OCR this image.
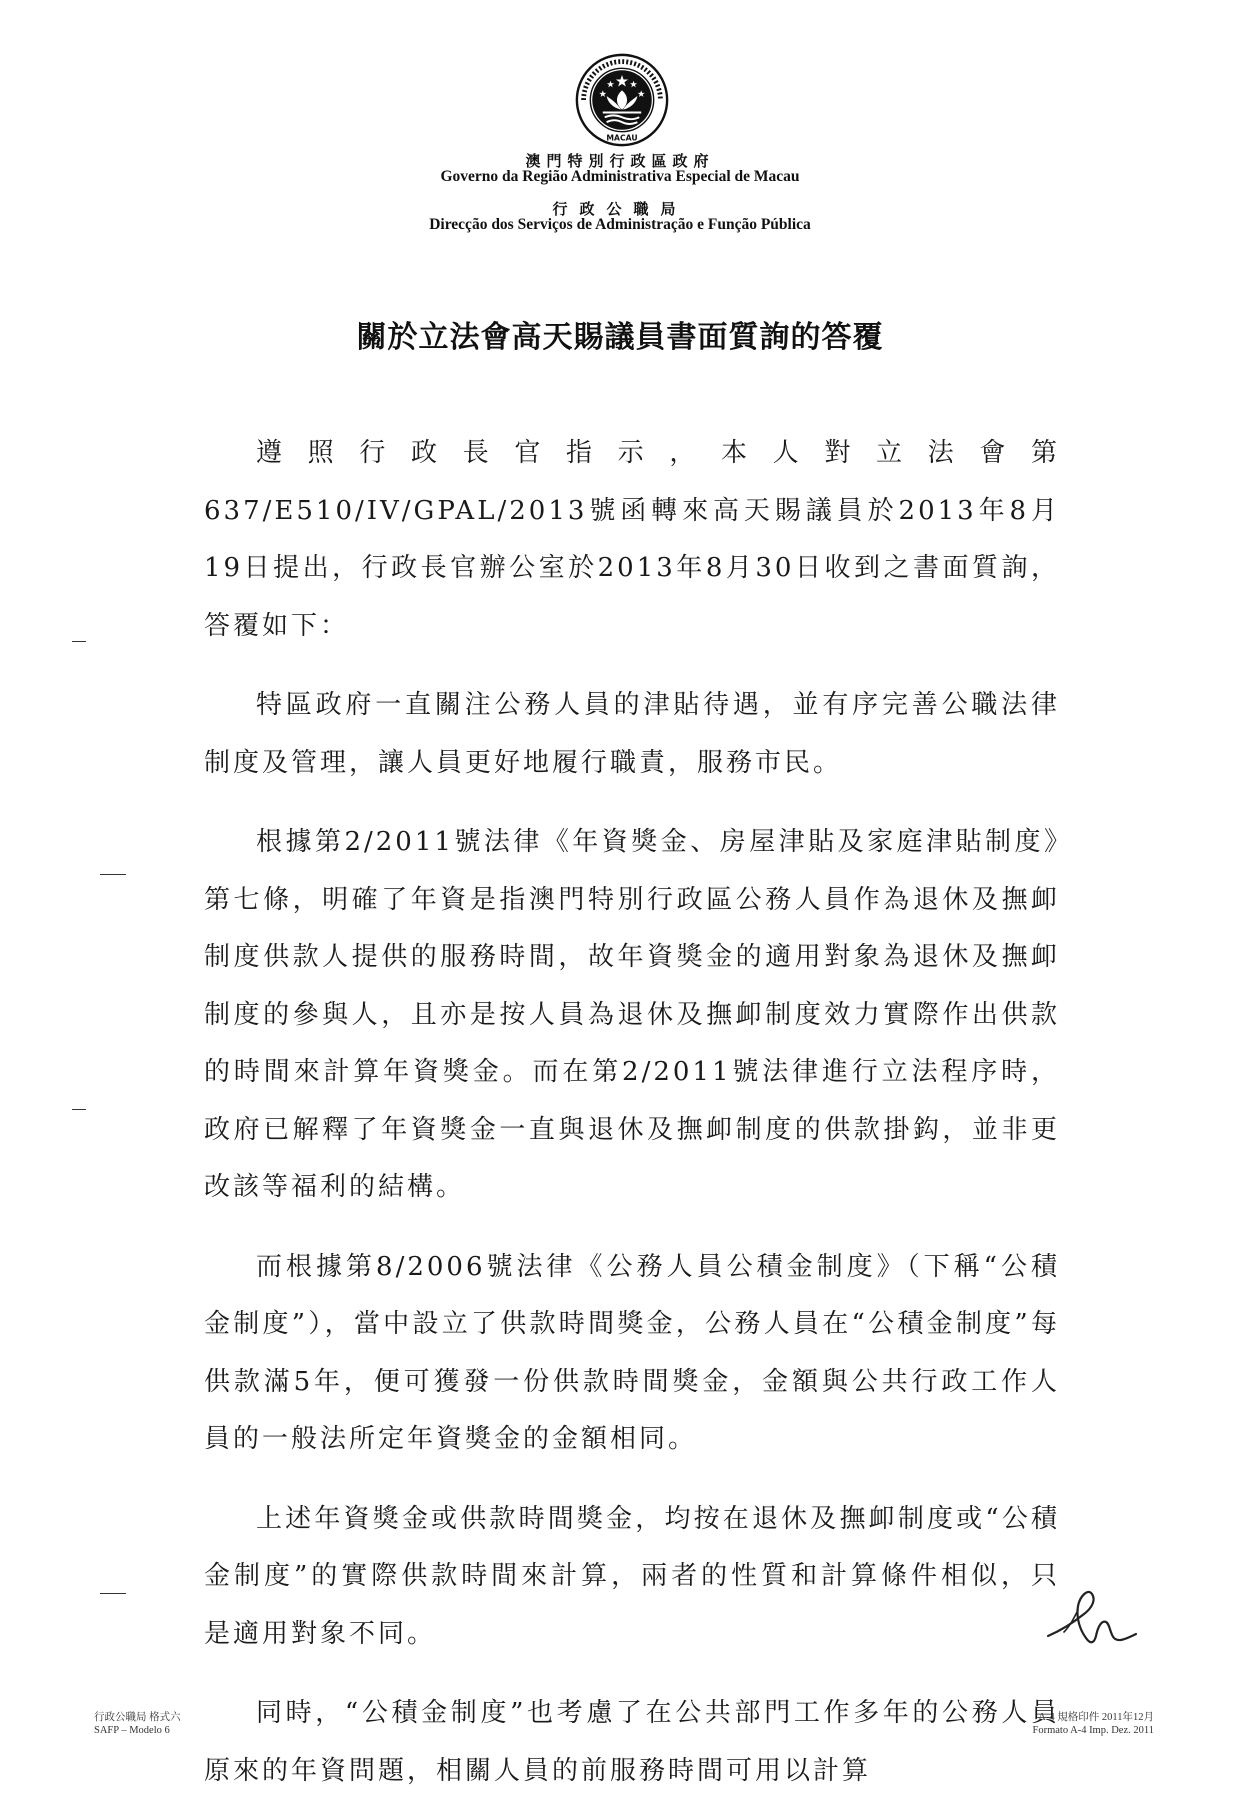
MACAU
澳門特別行政區政府
Governo da Região Administrativa Especial de Macau
行政公職局
Direcção dos Serviços de Administração e Função Pública
關於立法會高天賜議員書面質詢的答覆

遵照行政長官指示，本人對立法會第637/E510/IV/GPAL/2013號函轉來高天賜議員於2013年8月19日提出，行政長官辦公室於2013年8月30日收到之書面質詢，答覆如下：

特區政府一直關注公務人員的津貼待遇，並有序完善公職法律制度及管理，讓人員更好地履行職責，服務市民。

根據第2/2011號法律《年資獎金、房屋津貼及家庭津貼制度》第七條，明確了年資是指澳門特別行政區公務人員作為退休及撫卹制度供款人提供的服務時間，故年資獎金的適用對象為退休及撫卹制度的參與人，且亦是按人員為退休及撫卹制度效力實際作出供款的時間來計算年資獎金。而在第2/2011號法律進行立法程序時，政府已解釋了年資獎金一直與退休及撫卹制度的供款掛鈎，並非更改該等福利的結構。

而根據第8/2006號法律《公務人員公積金制度》（下稱“公積金制度”），當中設立了供款時間獎金，公務人員在“公積金制度”每供款滿5年，便可獲發一份供款時間獎金，金額與公共行政工作人員的一般法所定年資獎金的金額相同。

上述年資獎金或供款時間獎金，均按在退休及撫卹制度或“公積金制度”的實際供款時間來計算，兩者的性質和計算條件相似，只是適用對象不同。

同時，“公積金制度”也考慮了在公共部門工作多年的公務人員原來的年資問題，相關人員的前服務時間可用以計算

行政公職局 格式六
SAFP – Modelo 6
A-4 規格印件 2011年12月
Formato A-4 Imp. Dez. 2011
